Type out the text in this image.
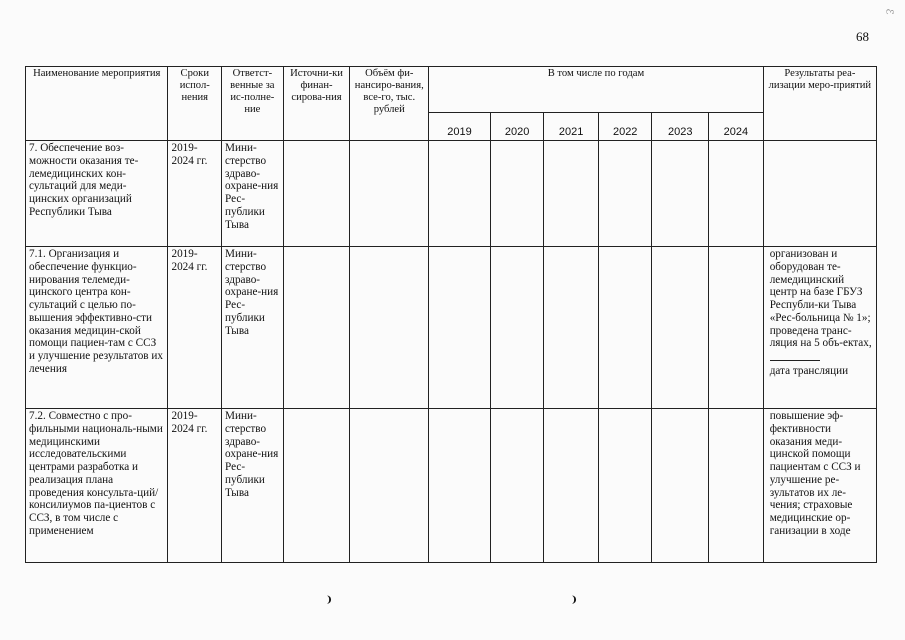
ℰ
68
Наименование мероприятия	Сроки испол-нения	Ответст-венные за ис-полне-ние	Источни-ки финан-сирова-ния	Объём фи-нансиро-вания, все-го, тыс. рублей	В том числе по годам						Результаты реа-лизации меро-приятий
					2019	2020	2021	2022	2023	2024	
7. Обеспечение воз-можности оказания те-лемедицинских кон-сультаций для меди-цинских организаций Республики Тыва	2019-2024 гг.	Мини-стерство здраво-охране-ния Рес-публики Тыва									
7.1. Организация и обеспечение функцио-нирования телемеди-цинского центра кон-сультаций с целью по-вышения эффективно-сти оказания медицин-ской помощи пациен-там с ССЗ и улучшение результатов их лечения	2019-2024 гг.	Мини-стерство здраво-охране-ния Рес-публики Тыва									организован и оборудован те-лемедицинский центр на базе ГБУЗ Республи-ки Тыва «Рес-больница № 1»; проведена транс-ляция на 5 объ-ектах,
дата трансляции
7.2. Совместно с про-фильными националь-ными медицинскими исследовательскими центрами разработка и реализация плана проведения консульта-ций/консилиумов па-циентов с ССЗ, в том числе с применением	2019-2024 гг.	Мини-стерство здраво-охране-ния Рес-публики Тыва									повышение эф-фективности оказания меди-цинской помощи пациентам с ССЗ и улучшение ре-зультатов их ле-чения; страховые медицинские ор-ганизации в ходе
⁾	⁾
